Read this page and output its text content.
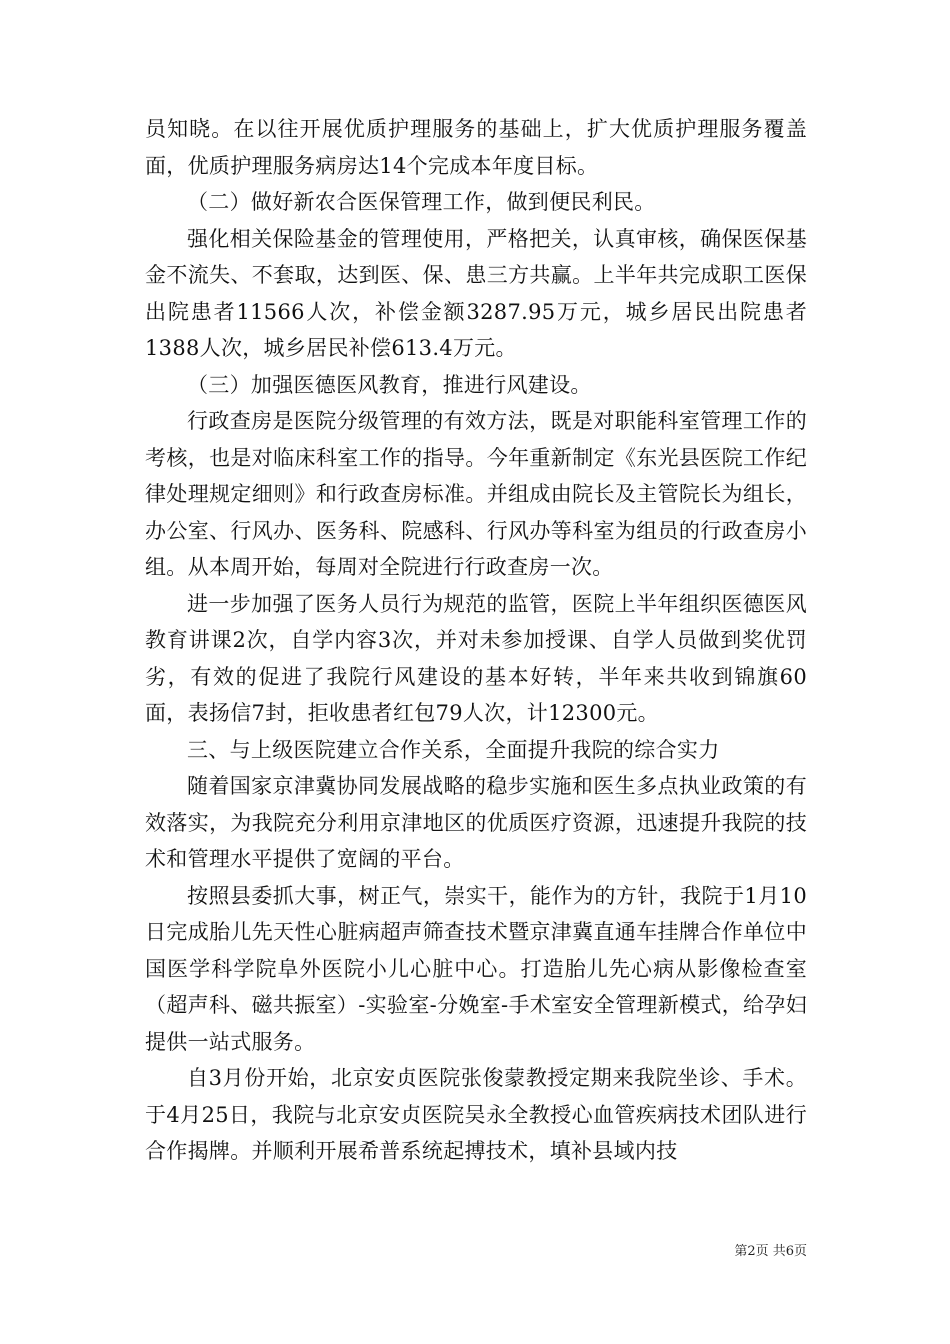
员知晓。在以往开展优质护理服务的基础上，扩大优质护理服务覆盖面，优质护理服务病房达14个完成本年度目标。

（二）做好新农合医保管理工作，做到便民利民。

强化相关保险基金的管理使用，严格把关，认真审核，确保医保基金不流失、不套取，达到医、保、患三方共赢。上半年共完成职工医保出院患者11566人次，补偿金额3287.95万元，城乡居民出院患者1388人次，城乡居民补偿613.4万元。

（三）加强医德医风教育，推进行风建设。

行政查房是医院分级管理的有效方法，既是对职能科室管理工作的考核，也是对临床科室工作的指导。今年重新制定《东光县医院工作纪律处理规定细则》和行政查房标准。并组成由院长及主管院长为组长，办公室、行风办、医务科、院感科、行风办等科室为组员的行政查房小组。从本周开始，每周对全院进行行政查房一次。

进一步加强了医务人员行为规范的监管，医院上半年组织医德医风教育讲课2次，自学内容3次，并对未参加授课、自学人员做到奖优罚劣，有效的促进了我院行风建设的基本好转，半年来共收到锦旗60面，表扬信7封，拒收患者红包79人次，计12300元。

三、与上级医院建立合作关系，全面提升我院的综合实力

随着国家京津冀协同发展战略的稳步实施和医生多点执业政策的有效落实，为我院充分利用京津地区的优质医疗资源，迅速提升我院的技术和管理水平提供了宽阔的平台。

按照县委抓大事，树正气，崇实干，能作为的方针，我院于1月10日完成胎儿先天性心脏病超声筛查技术暨京津冀直通车挂牌合作单位中国医学科学院阜外医院小儿心脏中心。打造胎儿先心病从影像检查室（超声科、磁共振室）-实验室-分娩室-手术室安全管理新模式，给孕妇提供一站式服务。

自3月份开始，北京安贞医院张俊蒙教授定期来我院坐诊、手术。于4月25日，我院与北京安贞医院吴永全教授心血管疾病技术团队进行合作揭牌。并顺利开展希普系统起搏技术，填补县域内技

第2页 共6页
